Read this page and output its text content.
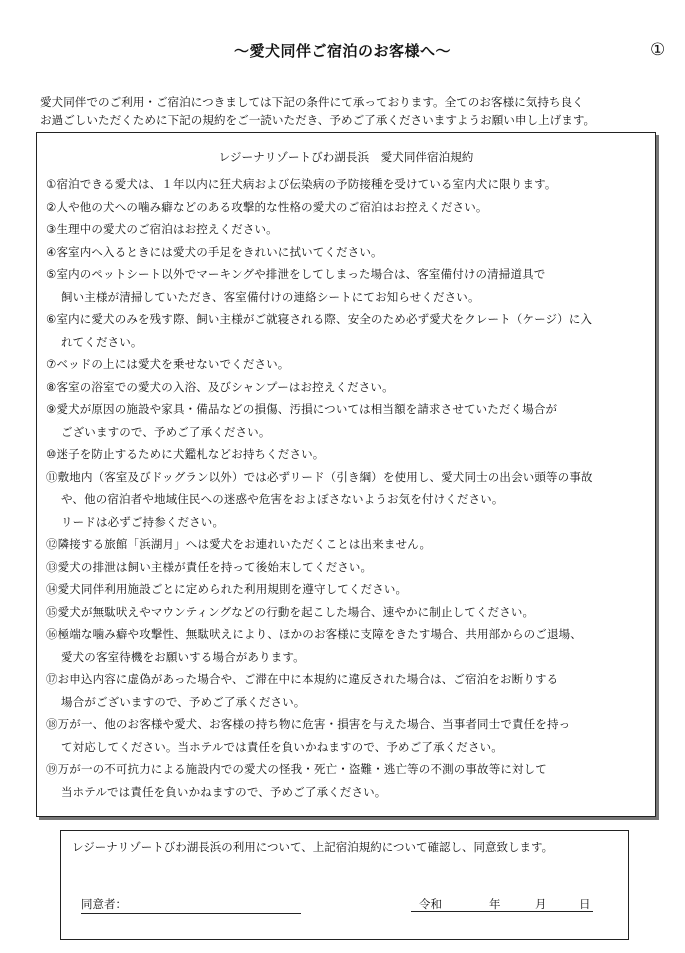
～愛犬同伴ご宿泊のお客様へ～	①
愛犬同伴でのご利用・ご宿泊につきましては下記の条件にて承っております。全てのお客様に気持ち良く
お過ごしいただくために下記の規約をご一読いただき、予めご了承くださいますようお願い申し上げます。
レジーナリゾートびわ湖長浜　愛犬同伴宿泊規約
①宿泊できる愛犬は、１年以内に狂犬病および伝染病の予防接種を受けている室内犬に限ります。
②人や他の犬への噛み癖などのある攻撃的な性格の愛犬のご宿泊はお控えください。
③生理中の愛犬のご宿泊はお控えください。
④客室内へ入るときには愛犬の手足をきれいに拭いてください。
⑤室内のペットシート以外でマーキングや排泄をしてしまった場合は、客室備付けの清掃道具で
飼い主様が清掃していただき、客室備付けの連絡シートにてお知らせください。
⑥室内に愛犬のみを残す際、飼い主様がご就寝される際、安全のため必ず愛犬をクレート（ケージ）に入
れてください。
⑦ベッドの上には愛犬を乗せないでください。
⑧客室の浴室での愛犬の入浴、及びシャンプーはお控えください。
⑨愛犬が原因の施設や家具・備品などの損傷、汚損については相当額を請求させていただく場合が
ございますので、予めご了承ください。
⑩迷子を防止するために犬鑑札などお持ちください。
⑪敷地内（客室及びドッグラン以外）では必ずリード（引き綱）を使用し、愛犬同士の出会い頭等の事故
や、他の宿泊者や地域住民への迷惑や危害をおよぼさないようお気を付けください。
リードは必ずご持参ください。
⑫隣接する旅館「浜湖月」へは愛犬をお連れいただくことは出来ません。
⑬愛犬の排泄は飼い主様が責任を持って後始末してください。
⑭愛犬同伴利用施設ごとに定められた利用規則を遵守してください。
⑮愛犬が無駄吠えやマウンティングなどの行動を起こした場合、速やかに制止してください。
⑯極端な噛み癖や攻撃性、無駄吠えにより、ほかのお客様に支障をきたす場合、共用部からのご退場、
愛犬の客室待機をお願いする場合があります。
⑰お申込内容に虚偽があった場合や、ご滞在中に本規約に違反された場合は、ご宿泊をお断りする
場合がございますので、予めご了承ください。
⑱万が一、他のお客様や愛犬、お客様の持ち物に危害・損害を与えた場合、当事者同士で責任を持っ
て対応してください。当ホテルでは責任を負いかねますので、予めご了承ください。
⑲万が一の不可抗力による施設内での愛犬の怪我・死亡・盗難・逃亡等の不測の事故等に対して
当ホテルでは責任を負いかねますので、予めご了承ください。
レジーナリゾートびわ湖長浜の利用について、上記宿泊規約について確認し、同意致します。
同意者：	令和	年	月	日
